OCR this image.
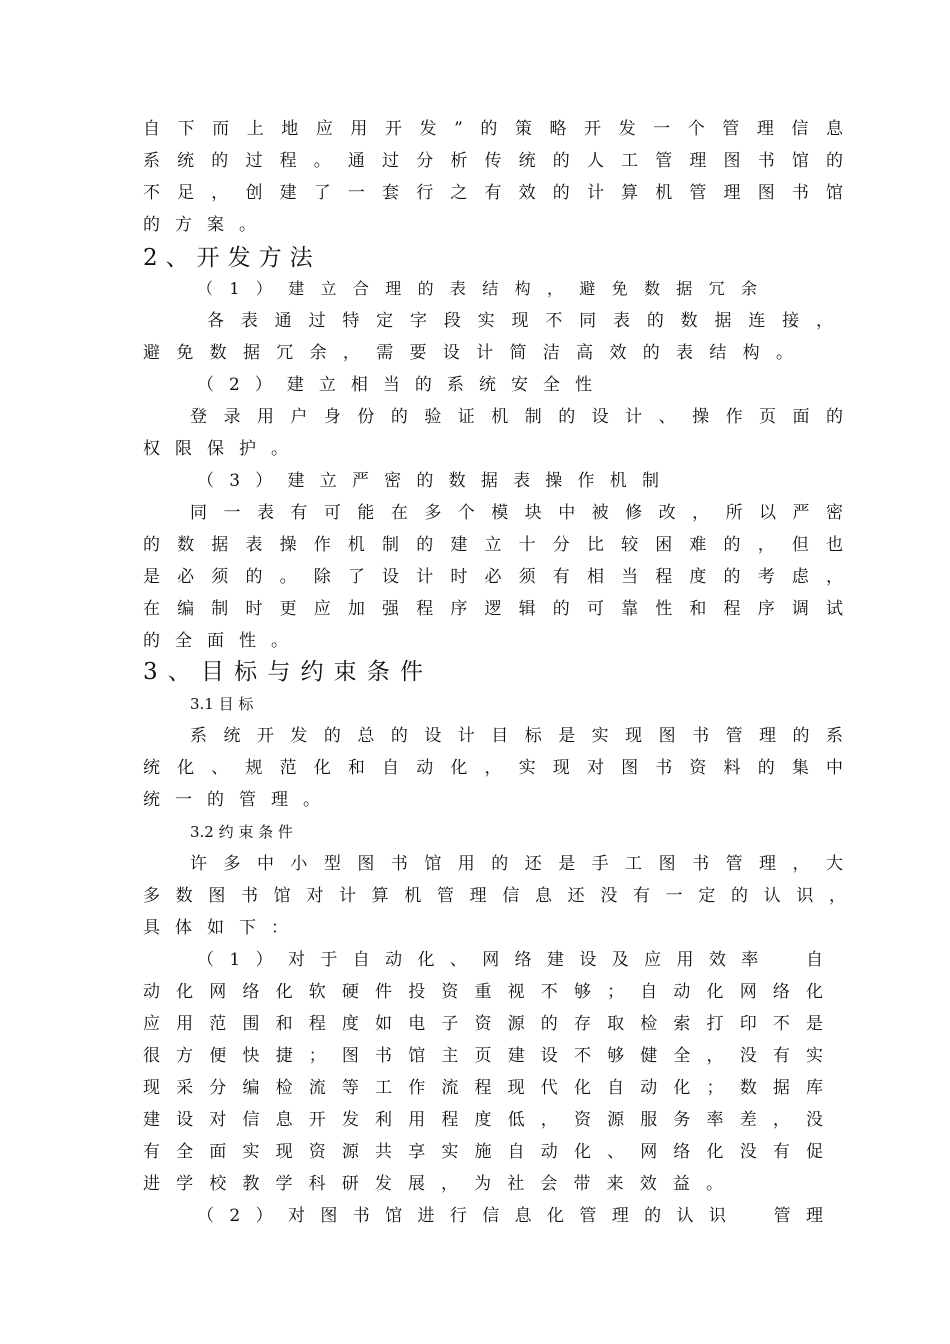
自下而上地应用开发”的策略开发一个管理信息
系统的过程。通过分析传统的人工管理图书馆的
不足，创建了一套行之有效的计算机管理图书馆
的方案。
2、开发方法
（1）建立合理的表结构，避免数据冗余
各表通过特定字段实现不同表的数据连接，
避免数据冗余，需要设计简洁高效的表结构。
（2）建立相当的系统安全性
登录用户身份的验证机制的设计、操作页面的
权限保护。
（3）建立严密的数据表操作机制
同一表有可能在多个模块中被修改，所以严密
的数据表操作机制的建立十分比较困难的，但也
是必须的。除了设计时必须有相当程度的考虑，
在编制时更应加强程序逻辑的可靠性和程序调试
的全面性。
3、目标与约束条件
3.1 目 标
系统开发的总的设计目标是实现图书管理的系
统化、规范化和自动化，实现对图书资料的集中
统一的管理。
3.2 约 束 条 件
许多中小型图书馆用的还是手工图书管理，大
多数图书馆对计算机管理信息还没有一定的认识，
具体如下：
（1）对于自动化、网络建设及应用效率　自
动化网络化软硬件投资重视不够；自动化网络化
应用范围和程度如电子资源的存取检索打印不是
很方便快捷；图书馆主页建设不够健全，没有实
现采分编检流等工作流程现代化自动化；数据库
建设对信息开发利用程度低，资源服务率差，没
有全面实现资源共享实施自动化、网络化没有促
进学校教学科研发展，为社会带来效益。
（2）对图书馆进行信息化管理的认识　管理
